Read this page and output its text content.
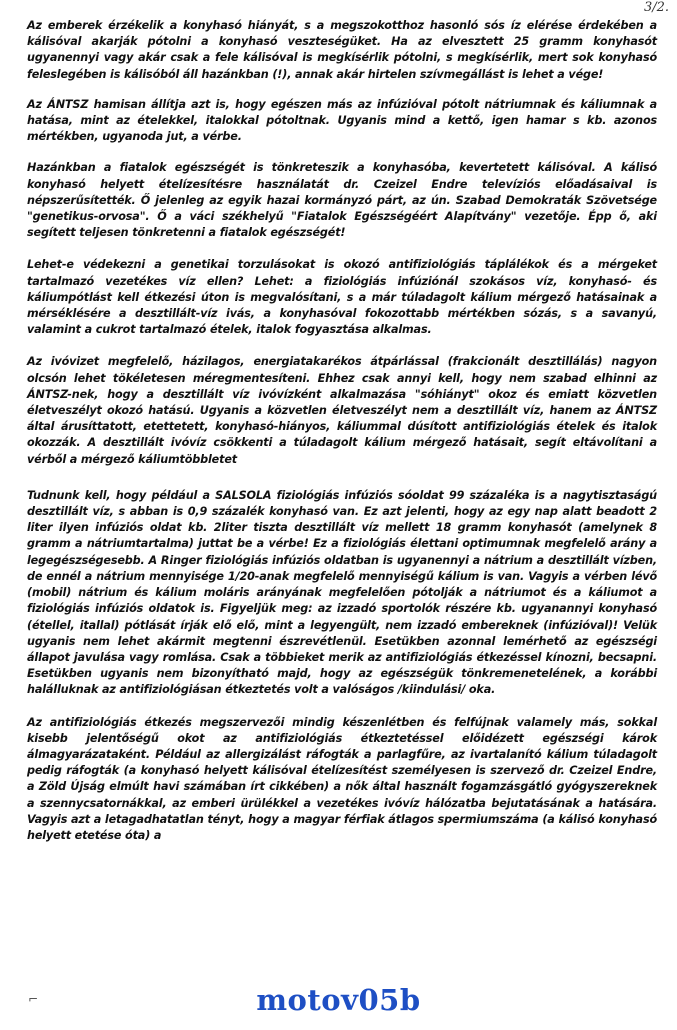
3/2.

Az emberek érzékelik a konyhasó hiányát, s a megszokotthoz hasonló sós íz elérése érdekében a kálisóval akarják pótolni a konyhasó veszteségüket. Ha az elvesztett 25 gramm konyhasót ugyanennyi vagy akár csak a fele kálisóval is megkísérlik pótolni, s megkísérlik, mert sok konyhasó feleslegében is kálisóból áll hazánkban (!), annak akár hirtelen szívmegállást is lehet a vége!

Az ÁNTSZ hamisan állítja azt is, hogy egészen más az infúzióval pótolt nátriumnak és káliumnak a hatása, mint az ételekkel, italokkal pótoltnak. Ugyanis mind a kettő, igen hamar s kb. azonos mértékben, ugyanoda jut, a vérbe.

Hazánkban a fiatalok egészségét is tönkreteszik a konyhasóba, kevertetett kálisóval. A kálisó konyhasó helyett ételízesítésre használatát dr. Czeizel Endre televíziós előadásaival is népszerűsítették. Ő jelenleg az egyik hazai kormányzó párt, az ún. Szabad Demokraták Szövetsége "genetikus-orvosa". Ő a váci székhelyű "Fiatalok Egészségéért Alapítvány" vezetője. Épp ő, aki segített teljesen tönkretenni a fiatalok egészségét!

Lehet-e védekezni a genetikai torzulásokat is okozó antifiziológiás táplálékok és a mérgeket tartalmazó vezetékes víz ellen? Lehet: a fiziológiás infúziónál szokásos víz, konyhasó- és káliumpótlást kell étkezési úton is megvalósítani, s a már túladagolt kálium mérgező hatásainak a mérséklésére a desztillált-víz ivás, a konyhasóval fokozottabb mértékben sózás, s a savanyú, valamint a cukrot tartalmazó ételek, italok fogyasztása alkalmas.

Az ivóvizet megfelelő, házilagos, energiatakarékos átpárlással (frakcionált desztillálás) nagyon olcsón lehet tökéletesen méregmentesíteni. Ehhez csak annyi kell, hogy nem szabad elhinni az ÁNTSZ-nek, hogy a desztillált víz ivóvízként alkalmazása "sóhiányt" okoz és emiatt közvetlen életveszélyt okozó hatású. Ugyanis a közvetlen életveszélyt nem a desztillált víz, hanem az ÁNTSZ által árusíttatott, etettetett, konyhasó-hiányos, káliummal dúsított antifiziológiás ételek és italok okozzák. A desztillált ivóvíz csökkenti a túladagolt kálium mérgező hatásait, segít eltávolítani a vérből a mérgező káliumtöbbletet

Tudnunk kell, hogy például a SALSOLA fiziológiás infúziós sóoldat 99 százaléka is a nagytisztaságú desztillált víz, s abban is 0,9 százalék konyhasó van. Ez azt jelenti, hogy az egy nap alatt beadott 2 liter ilyen infúziós oldat kb. 2liter tiszta desztillált víz mellett 18 gramm konyhasót (amelynek 8 gramm a nátriumtartalma) juttat be a vérbe! Ez a fiziológiás élettani optimumnak megfelelő arány a legegészségesebb. A Ringer fiziológiás infúziós oldatban is ugyanennyi a nátrium a desztillált vízben, de ennél a nátrium mennyisége 1/20-anak megfelelő mennyiségű kálium is van. Vagyis a vérben lévő (mobil) nátrium és kálium moláris arányának megfelelően pótolják a nátriumot és a káliumot a fiziológiás infúziós oldatok is. Figyeljük meg: az izzadó sportolók részére kb. ugyanannyi konyhasó (étellel, itallal) pótlását írják elő elő, mint a legyengült, nem izzadó embereknek (infúzióval)! Velük ugyanis nem lehet akármit megtenni észrevétlenül. Esetükben azonnal lemérhető az egészségi állapot javulása vagy romlása. Csak a többieket merik az antifiziológiás étkezéssel kínozni, becsapni. Esetükben ugyanis nem bizonyítható majd, hogy az egészségük tönkremenetelének, a korábbi halálluknak az antifiziológiásan étkeztetés volt a valóságos /kiindulási/ oka.

Az antifiziológiás étkezés megszervezői mindig készenlétben és felfújnak valamely más, sokkal kisebb jelentőségű okot az antifiziológiás étkeztetéssel előidézett egészségi károk álmagyarázataként. Például az allergizálást ráfogták a parlagfűre, az ivartalanító kálium túladagolt pedig ráfogták (a konyhasó helyett kálisóval ételízesítést személyesen is szervező dr. Czeizel Endre, a Zöld Újság elmúlt havi számában írt cikkében) a nők által használt fogamzásgátló gyógyszereknek a szennycsatornákkal, az emberi ürülékkel a vezetékes ivóvíz hálózatba bejutatásának a hatására. Vagyis azt a letagadhatatlan tényt, hogy a magyar férfiak átlagos spermiumszáma (a kálisó konyhasó helyett etetése óta) a

⌐	motov05b
